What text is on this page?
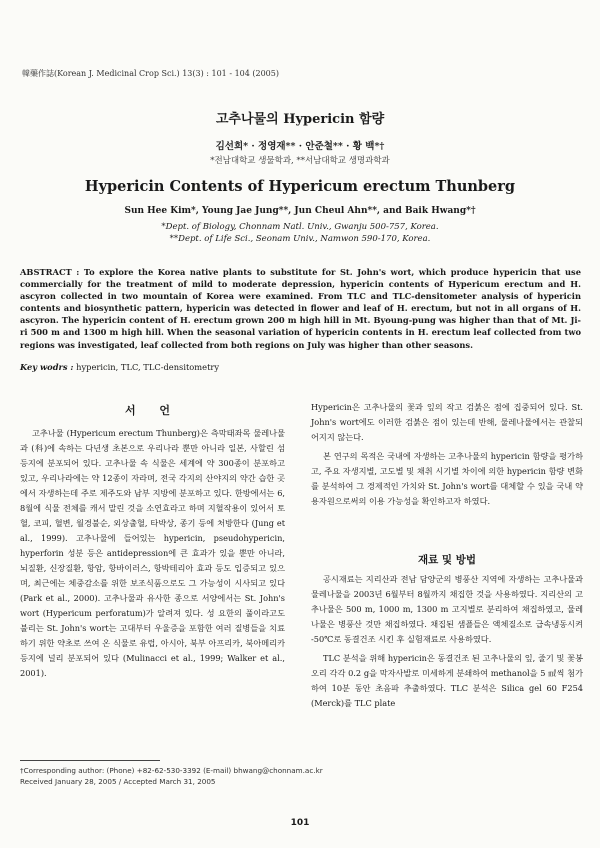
韓藥作誌(Korean J. Medicinal Crop Sci.) 13(3) : 101 - 104 (2005)
고추나물의 Hypericin 함량
김선희* · 정영재** · 안준철** · 황 백*†
*전남대학교 생물학과, **서남대학교 생명과학과
Hypericin Contents of Hypericum erectum Thunberg
Sun Hee Kim*, Young Jae Jung**, Jun Cheul Ahn**, and Baik Hwang*†
*Dept. of Biology, Chonnam Natl. Univ., Gwanju 500-757, Korea.
**Dept. of Life Sci., Seonam Univ., Namwon 590-170, Korea.
ABSTRACT : To explore the Korea native plants to substitute for St. John's wort, which produce hypericin that use commercially for the treatment of mild to moderate depression, hypericin contents of Hypericum erectum and H. ascyron collected in two mountain of Korea were examined. From TLC and TLC-densitometer analysis of hypericin contents and biosynthetic pattern, hypericin was detected in flower and leaf of H. erectum, but not in all organs of H. ascyron. The hypericin content of H. erectum grown 200 m high hill in Mt. Byoung-pung was higher than that of Mt. Ji-ri 500 m and 1300 m high hill. When the seasonal variation of hypericin contents in H. erectum leaf collected from two regions was investigated, leaf collected from both regions on July was higher than other seasons.
Key wodrs : hypericin, TLC, TLC-densitometry
서 언

고추나물 (Hypericum erectum Thunberg)은 측막태좌목 물레나물과 (科)에 속하는 다년생 초본으로 우리나라 뿐만 아니라 일본, 사할린 섬 등지에 분포되어 있다. 고추나물 속 식물은 세계에 약 300종이 분포하고 있고, 우리나라에는 약 12종이 자라며, 전국 각지의 산야지의 약간 습한 곳에서 자생하는데 주로 제주도와 남부 지방에 분포하고 있다. 한방에서는 6, 8월에 식물 전체를 캐서 말린 것을 소연효라고 하며 지혈작용이 있어서 토혈, 코피, 혈변, 월경불순, 외상출혈, 타박상, 종기 등에 처방한다 (Jung et al., 1999). 고추나물에 들어있는 hypericin, pseudohypericin, hyperforin 성분 등은 antidepression에 큰 효과가 있을 뿐만 아니라, 뇌질환, 신장질환, 항암, 항바이러스, 항박테리아 효과 등도 입증되고 있으며, 최근에는 체중감소를 위한 보조식품으로도 그 가능성이 시사되고 있다 (Park et al., 2000). 고추나물과 유사한 종으로 서양에서는 St. John's wort (Hypericum perforatum)가 알려져 있다. 성 요한의 풀이라고도 불리는 St. John's wort는 고대부터 우울증을 포함한 여러 질병들을 치료하기 위한 약초로 쓰여 온 식물로 유럽, 아시아, 북부 아프리카, 북아메리카 등지에 널리 분포되어 있다 (Mulinacci et al., 1999; Walker et al., 2001).

Hypericin은 고추나물의 꽃과 잎의 작고 검붉은 점에 집중되어 있다. St. John's wort에도 이러한 검붉은 점이 있는데 반해, 물레나물에서는 관찰되어지지 않는다.

본 연구의 목적은 국내에 자생하는 고추나물의 hypericin 함량을 평가하고, 주요 자생지별, 고도별 및 채취 시기별 차이에 의한 hypericin 함량 변화를 분석하여 그 경제적인 가치와 St. John's wort를 대체할 수 있을 국내 약용자원으로써의 이용 가능성을 확인하고자 하였다.

재료 및 방법

공시재료는 지리산과 전남 담양군의 병풍산 지역에 자생하는 고추나물과 물레나물을 2003년 6월부터 8월까지 채집한 것을 사용하였다. 지리산의 고추나물은 500 m, 1000 m, 1300 m 고지별로 분리하여 채집하였고, 물레나물은 병풍산 것만 채집하였다. 채집된 샘플들은 액체질소로 급속냉동시켜 -50℃로 동결건조 시킨 후 실험재료로 사용하였다.

TLC 분석을 위해 hypericin은 동결건조 된 고추나물의 잎, 줄기 및 꽃봉오리 각각 0.2 g을 막자사발로 미세하게 분쇄하여 methanol을 5 ㎖씩 첨가하여 10분 동안 초음파 추출하였다. TLC 분석은 Silica gel 60 F254 (Merck)를 TLC plate

†Corresponding author: (Phone) +82-62-530-3392 (E-mail) bhwang@chonnam.ac.kr
Received January 28, 2005 / Accepted March 31, 2005
101
